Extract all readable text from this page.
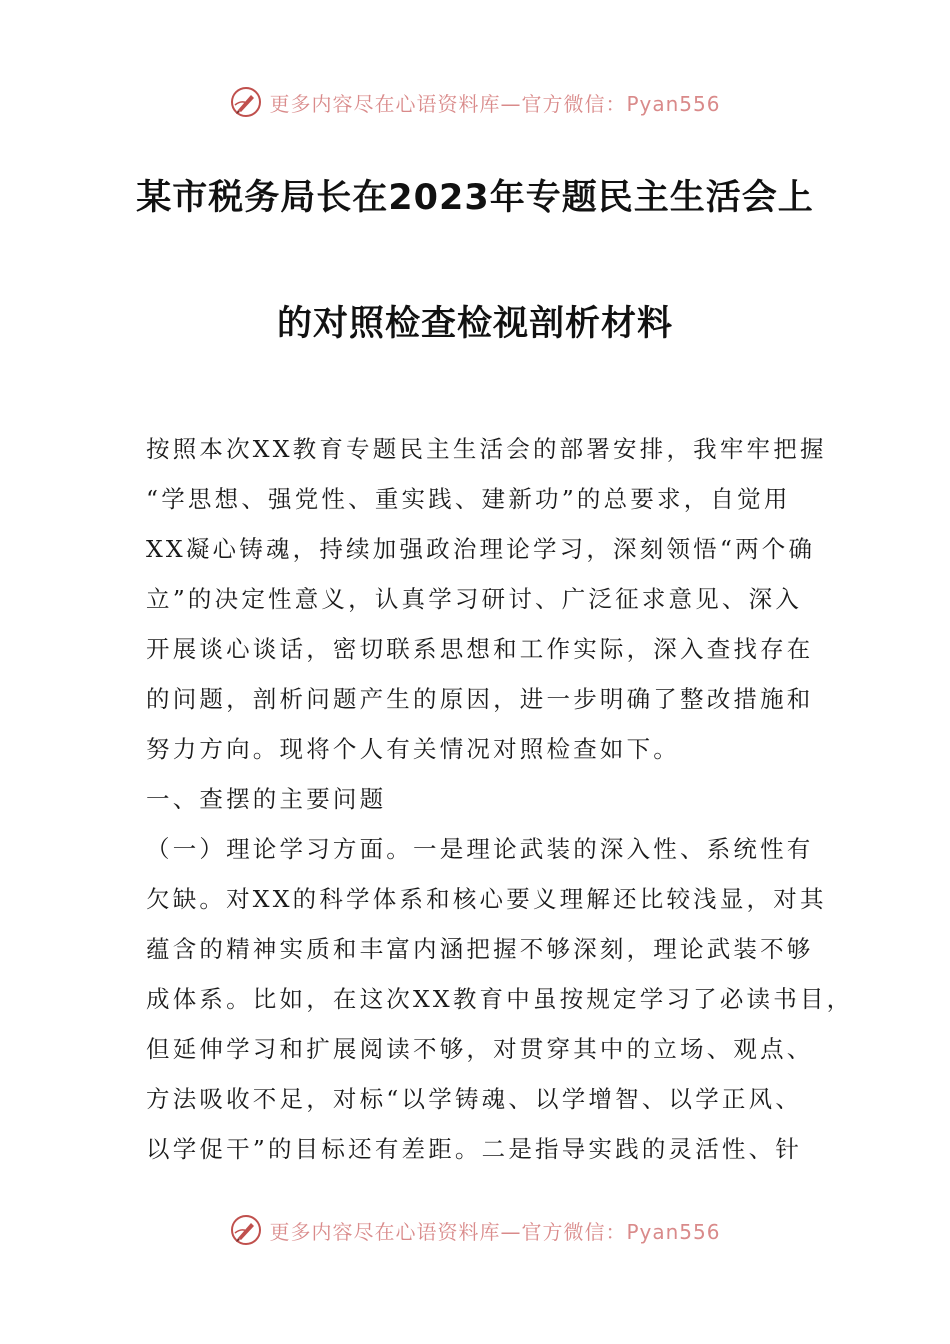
更多内容尽在心语资料库—官方微信：Pyan556
某市税务局长在2023年专题民主生活会上
的对照检查检视剖析材料
按照本次XX教育专题民主生活会的部署安排，我牢牢把握
“学思想、强党性、重实践、建新功”的总要求，自觉用
XX凝心铸魂，持续加强政治理论学习，深刻领悟“两个确
立”的决定性意义，认真学习研讨、广泛征求意见、深入
开展谈心谈话，密切联系思想和工作实际，深入查找存在
的问题，剖析问题产生的原因，进一步明确了整改措施和
努力方向。现将个人有关情况对照检查如下。
一、查摆的主要问题
（一）理论学习方面。一是理论武装的深入性、系统性有
欠缺。对XX的科学体系和核心要义理解还比较浅显，对其
蕴含的精神实质和丰富内涵把握不够深刻，理论武装不够
成体系。比如，在这次XX教育中虽按规定学习了必读书目，
但延伸学习和扩展阅读不够，对贯穿其中的立场、观点、
方法吸收不足，对标“以学铸魂、以学增智、以学正风、
以学促干”的目标还有差距。二是指导实践的灵活性、针
更多内容尽在心语资料库—官方微信：Pyan556
